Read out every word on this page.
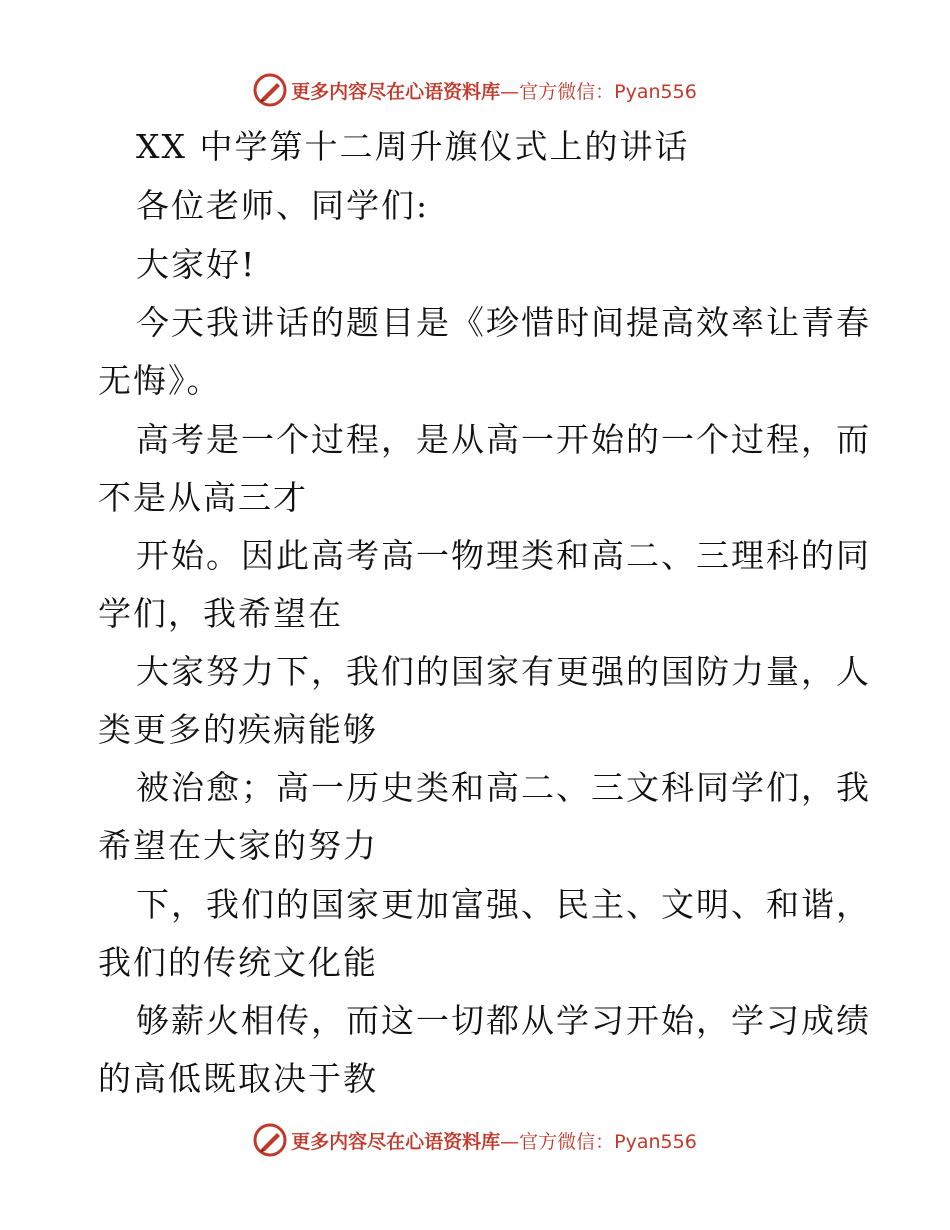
更多内容尽在心语资料库—官方微信：Pyan556
XX 中学第十二周升旗仪式上的讲话
各位老师、同学们:
大家好!
今天我讲话的题目是《珍惜时间提高效率让青春
无悔》。
高考是一个过程，是从高一开始的一个过程，而
不是从高三才
开始。因此高考高一物理类和高二、三理科的同
学们，我希望在
大家努力下，我们的国家有更强的国防力量，人
类更多的疾病能够
被治愈；高一历史类和高二、三文科同学们，我
希望在大家的努力
下，我们的国家更加富强、民主、文明、和谐，
我们的传统文化能
够薪火相传，而这一切都从学习开始，学习成绩
的高低既取决于教
更多内容尽在心语资料库—官方微信：Pyan556
